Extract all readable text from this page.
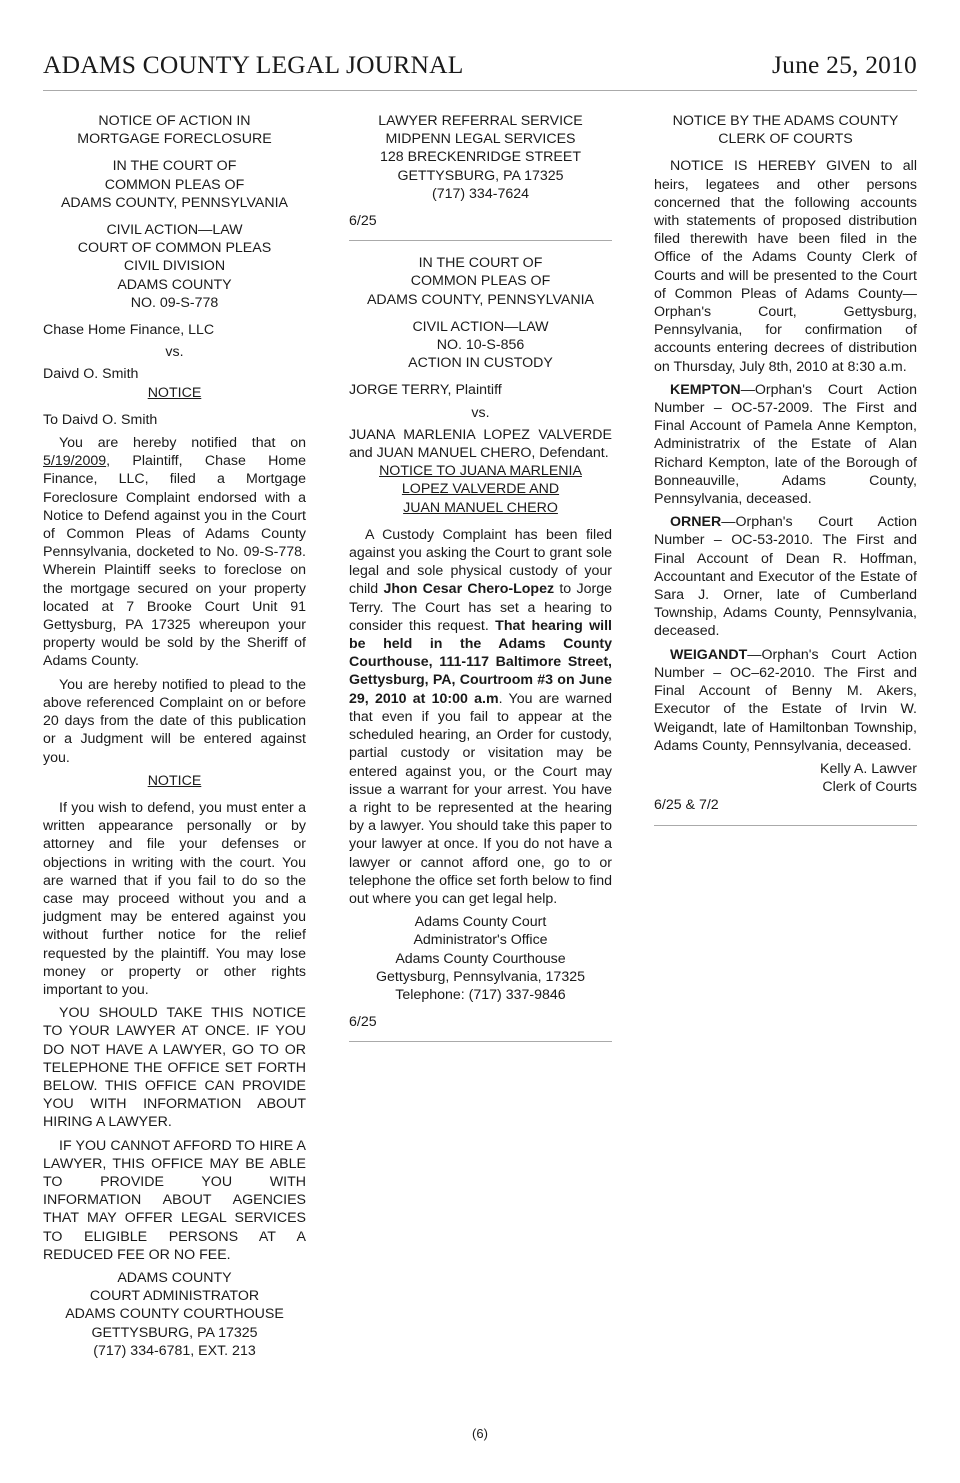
ADAMS COUNTY LEGAL JOURNAL	June 25, 2010
NOTICE OF ACTION IN
MORTGAGE FORECLOSURE
IN THE COURT OF
COMMON PLEAS OF
ADAMS COUNTY, PENNSYLVANIA
CIVIL ACTION—LAW
COURT OF COMMON PLEAS
CIVIL DIVISION
ADAMS COUNTY
NO. 09-S-778
Chase Home Finance, LLC
vs.
Daivd O. Smith
NOTICE
To Daivd O. Smith

You are hereby notified that on 5/19/2009, Plaintiff, Chase Home Finance, LLC, filed a Mortgage Foreclosure Complaint endorsed with a Notice to Defend against you in the Court of Common Pleas of Adams County Pennsylvania, docketed to No. 09-S-778. Wherein Plaintiff seeks to foreclose on the mortgage secured on your property located at 7 Brooke Court Unit 91 Gettysburg, PA 17325 whereupon your property would be sold by the Sheriff of Adams County.

You are hereby notified to plead to the above referenced Complaint on or before 20 days from the date of this publication or a Judgment will be entered against you.

NOTICE

If you wish to defend, you must enter a written appearance personally or by attorney and file your defenses or objections in writing with the court. You are warned that if you fail to do so the case may proceed without you and a judgment may be entered against you without further notice for the relief requested by the plaintiff. You may lose money or property or other rights important to you.

YOU SHOULD TAKE THIS NOTICE TO YOUR LAWYER AT ONCE. IF YOU DO NOT HAVE A LAWYER, GO TO OR TELEPHONE THE OFFICE SET FORTH BELOW. THIS OFFICE CAN PROVIDE YOU WITH INFORMATION ABOUT HIRING A LAWYER.

IF YOU CANNOT AFFORD TO HIRE A LAWYER, THIS OFFICE MAY BE ABLE TO PROVIDE YOU WITH INFORMATION ABOUT AGENCIES THAT MAY OFFER LEGAL SERVICES TO ELIGIBLE PERSONS AT A REDUCED FEE OR NO FEE.

ADAMS COUNTY
COURT ADMINISTRATOR
ADAMS COUNTY COURTHOUSE
GETTYSBURG, PA 17325
(717) 334-6781, EXT. 213
LAWYER REFERRAL SERVICE
MIDPENN LEGAL SERVICES
128 BRECKENRIDGE STREET
GETTYSBURG, PA 17325
(717) 334-7624
6/25
IN THE COURT OF
COMMON PLEAS OF
ADAMS COUNTY, PENNSYLVANIA
CIVIL ACTION—LAW
NO. 10-S-856
ACTION IN CUSTODY
JORGE TERRY, Plaintiff
vs.
JUANA MARLENIA LOPEZ VALVERDE and JUAN MANUEL CHERO, Defendant.
NOTICE TO JUANA MARLENIA
LOPEZ VALVERDE AND
JUAN MANUEL CHERO

A Custody Complaint has been filed against you asking the Court to grant sole legal and sole physical custody of your child Jhon Cesar Chero-Lopez to Jorge Terry. The Court has set a hearing to consider this request. That hearing will be held in the Adams County Courthouse, 111-117 Baltimore Street, Gettysburg, PA, Courtroom #3 on June 29, 2010 at 10:00 a.m. You are warned that even if you fail to appear at the scheduled hearing, an Order for custody, partial custody or visitation may be entered against you, or the Court may issue a warrant for your arrest. You have a right to be represented at the hearing by a lawyer. You should take this paper to your lawyer at once. If you do not have a lawyer or cannot afford one, go to or telephone the office set forth below to find out where you can get legal help.

Adams County Court
Administrator's Office
Adams County Courthouse
Gettysburg, Pennsylvania, 17325
Telephone: (717) 337-9846
6/25
NOTICE BY THE ADAMS COUNTY
CLERK OF COURTS

NOTICE IS HEREBY GIVEN to all heirs, legatees and other persons concerned that the following accounts with statements of proposed distribution filed therewith have been filed in the Office of the Adams County Clerk of Courts and will be presented to the Court of Common Pleas of Adams County—Orphan's Court, Gettysburg, Pennsylvania, for confirmation of accounts entering decrees of distribution on Thursday, July 8th, 2010 at 8:30 a.m.

KEMPTON—Orphan's Court Action Number – OC-57-2009. The First and Final Account of Pamela Anne Kempton, Administratrix of the Estate of Alan Richard Kempton, late of the Borough of Bonneauville, Adams County, Pennsylvania, deceased.

ORNER—Orphan's Court Action Number – OC-53-2010. The First and Final Account of Dean R. Hoffman, Accountant and Executor of the Estate of Sara J. Orner, late of Cumberland Township, Adams County, Pennsylvania, deceased.

WEIGANDT—Orphan's Court Action Number – OC–62-2010. The First and Final Account of Benny M. Akers, Executor of the Estate of Irvin W. Weigandt, late of Hamiltonban Township, Adams County, Pennsylvania, deceased.

Kelly A. Lawver
Clerk of Courts
6/25 & 7/2
(6)
